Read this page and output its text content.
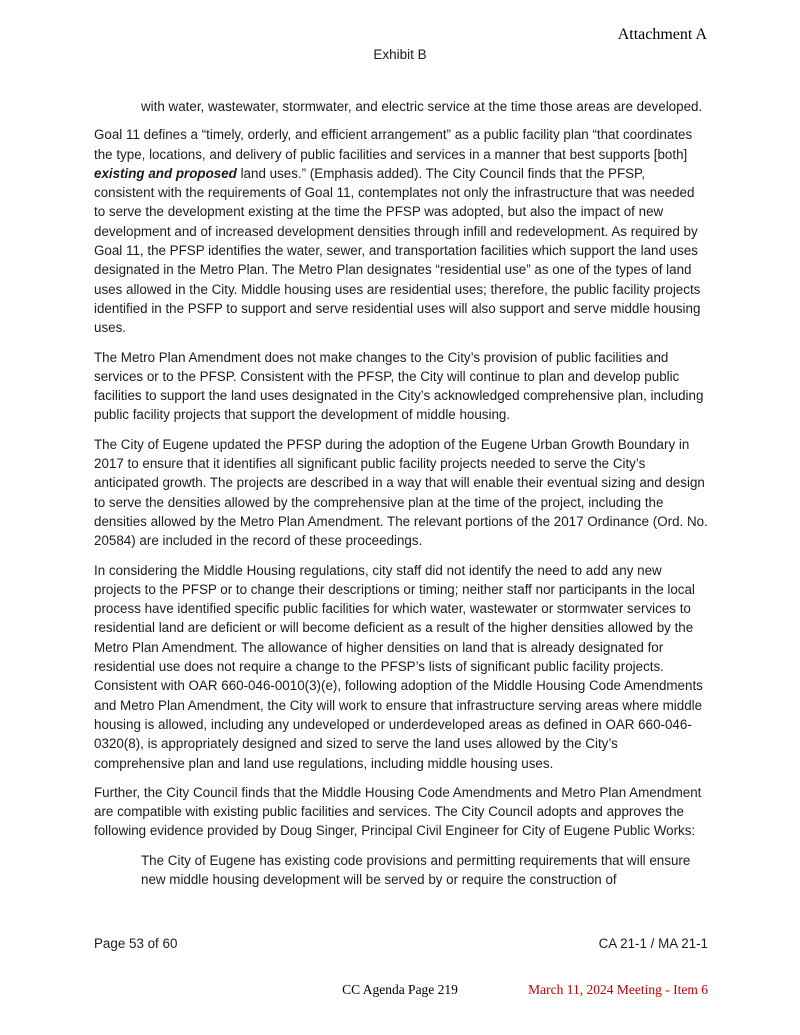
Attachment A
Exhibit B

with water, wastewater, stormwater, and electric service at the time those areas are developed.

Goal 11 defines a “timely, orderly, and efficient arrangement” as a public facility plan “that coordinates the type, locations, and delivery of public facilities and services in a manner that best supports [both] existing and proposed land uses.” (Emphasis added). The City Council finds that the PFSP, consistent with the requirements of Goal 11, contemplates not only the infrastructure that was needed to serve the development existing at the time the PFSP was adopted, but also the impact of new development and of increased development densities through infill and redevelopment. As required by Goal 11, the PFSP identifies the water, sewer, and transportation facilities which support the land uses designated in the Metro Plan. The Metro Plan designates “residential use” as one of the types of land uses allowed in the City. Middle housing uses are residential uses; therefore, the public facility projects identified in the PSFP to support and serve residential uses will also support and serve middle housing uses.

The Metro Plan Amendment does not make changes to the City’s provision of public facilities and services or to the PFSP. Consistent with the PFSP, the City will continue to plan and develop public facilities to support the land uses designated in the City’s acknowledged comprehensive plan, including public facility projects that support the development of middle housing.

The City of Eugene updated the PFSP during the adoption of the Eugene Urban Growth Boundary in 2017 to ensure that it identifies all significant public facility projects needed to serve the City’s anticipated growth. The projects are described in a way that will enable their eventual sizing and design to serve the densities allowed by the comprehensive plan at the time of the project, including the densities allowed by the Metro Plan Amendment. The relevant portions of the 2017 Ordinance (Ord. No. 20584) are included in the record of these proceedings.

In considering the Middle Housing regulations, city staff did not identify the need to add any new projects to the PFSP or to change their descriptions or timing; neither staff nor participants in the local process have identified specific public facilities for which water, wastewater or stormwater services to residential land are deficient or will become deficient as a result of the higher densities allowed by the Metro Plan Amendment. The allowance of higher densities on land that is already designated for residential use does not require a change to the PFSP’s lists of significant public facility projects. Consistent with OAR 660-046-0010(3)(e), following adoption of the Middle Housing Code Amendments and Metro Plan Amendment, the City will work to ensure that infrastructure serving areas where middle housing is allowed, including any undeveloped or underdeveloped areas as defined in OAR 660-046-0320(8), is appropriately designed and sized to serve the land uses allowed by the City’s comprehensive plan and land use regulations, including middle housing uses.

Further, the City Council finds that the Middle Housing Code Amendments and Metro Plan Amendment are compatible with existing public facilities and services. The City Council adopts and approves the following evidence provided by Doug Singer, Principal Civil Engineer for City of Eugene Public Works:

The City of Eugene has existing code provisions and permitting requirements that will ensure new middle housing development will be served by or require the construction of

Page 53 of 60	CA 21-1 / MA 21-1
CC Agenda Page 219	March 11, 2024 Meeting - Item 6
